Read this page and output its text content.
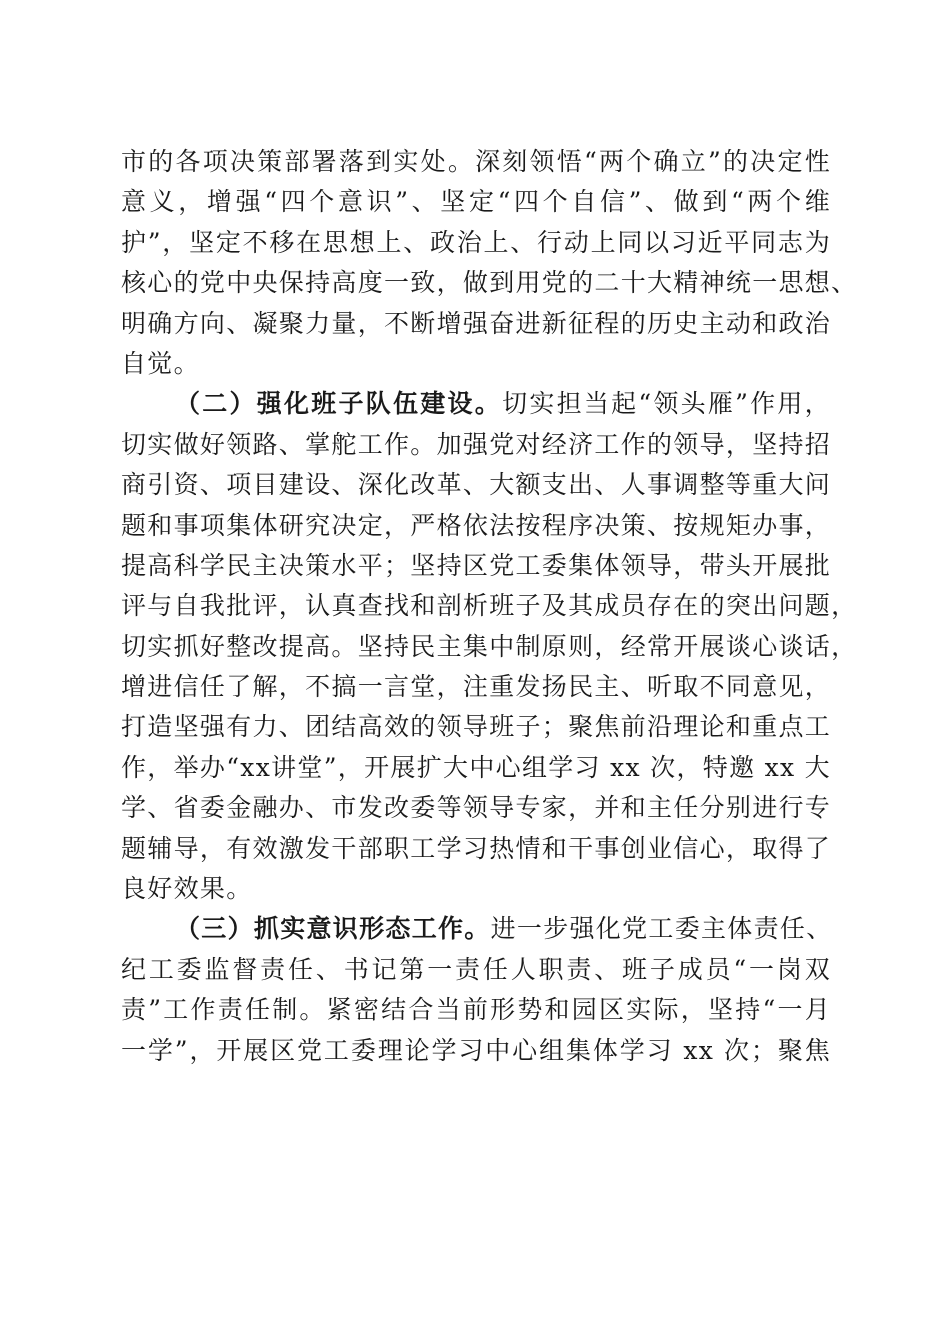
市的各项决策部署落到实处。深刻领悟“两个确立”的决定性
意义，增强“四个意识”、坚定“四个自信”、做到“两个维
护”，坚定不移在思想上、政治上、行动上同以习近平同志为
核心的党中央保持高度一致，做到用党的二十大精神统一思想、
明确方向、凝聚力量，不断增强奋进新征程的历史主动和政治
自觉。
（二）强化班子队伍建设。切实担当起“领头雁”作用，
切实做好领路、掌舵工作。加强党对经济工作的领导，坚持招
商引资、项目建设、深化改革、大额支出、人事调整等重大问
题和事项集体研究决定，严格依法按程序决策、按规矩办事，
提高科学民主决策水平；坚持区党工委集体领导，带头开展批
评与自我批评，认真查找和剖析班子及其成员存在的突出问题，
切实抓好整改提高。坚持民主集中制原则，经常开展谈心谈话，
增进信任了解，不搞一言堂，注重发扬民主、听取不同意见，
打造坚强有力、团结高效的领导班子；聚焦前沿理论和重点工
作，举办“xx讲堂”，开展扩大中心组学习 xx 次，特邀 xx 大
学、省委金融办、市发改委等领导专家，并和主任分别进行专
题辅导，有效激发干部职工学习热情和干事创业信心，取得了
良好效果。
（三）抓实意识形态工作。进一步强化党工委主体责任、
纪工委监督责任、书记第一责任人职责、班子成员“一岗双
责”工作责任制。紧密结合当前形势和园区实际，坚持“一月
一学”，开展区党工委理论学习中心组集体学习 xx 次；聚焦
